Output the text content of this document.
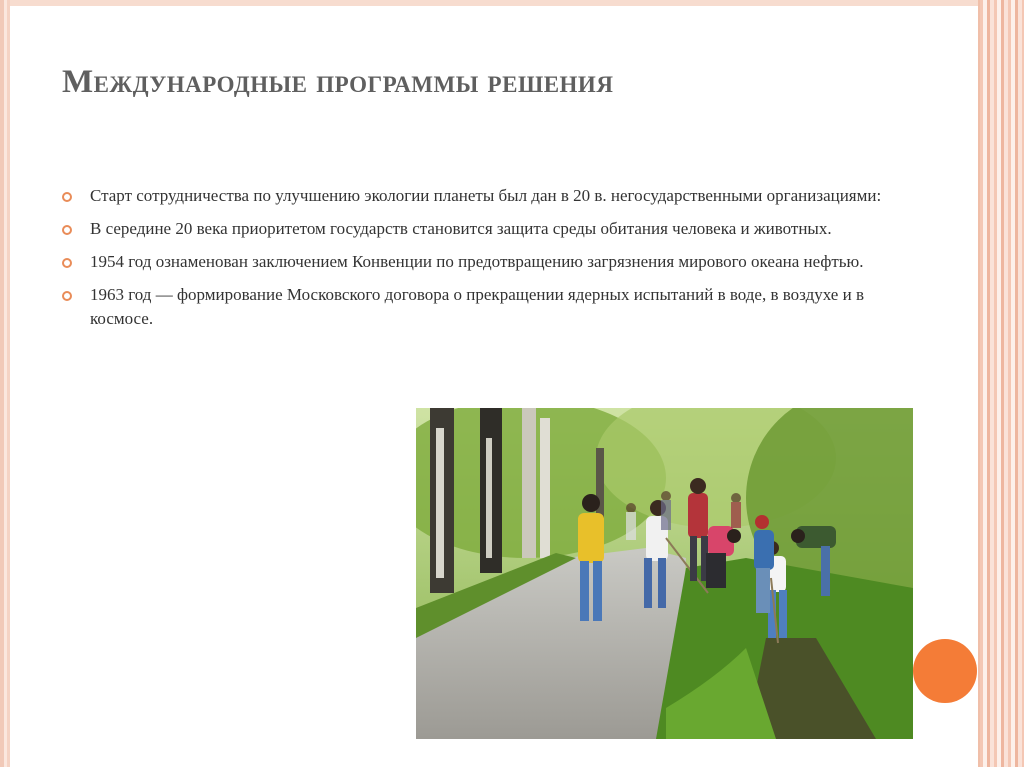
Международные программы решения
Старт сотрудничества по улучшению экологии планеты был дан в 20 в. негосударственными организациями:
В середине 20 века приоритетом государств становится защита среды обитания человека и животных.
1954 год ознаменован заключением Конвенции по предотвращению загрязнения мирового океана нефтью.
1963 год — формирование Московского договора о прекращении ядерных испытаний в воде, в воздухе и в космосе.
